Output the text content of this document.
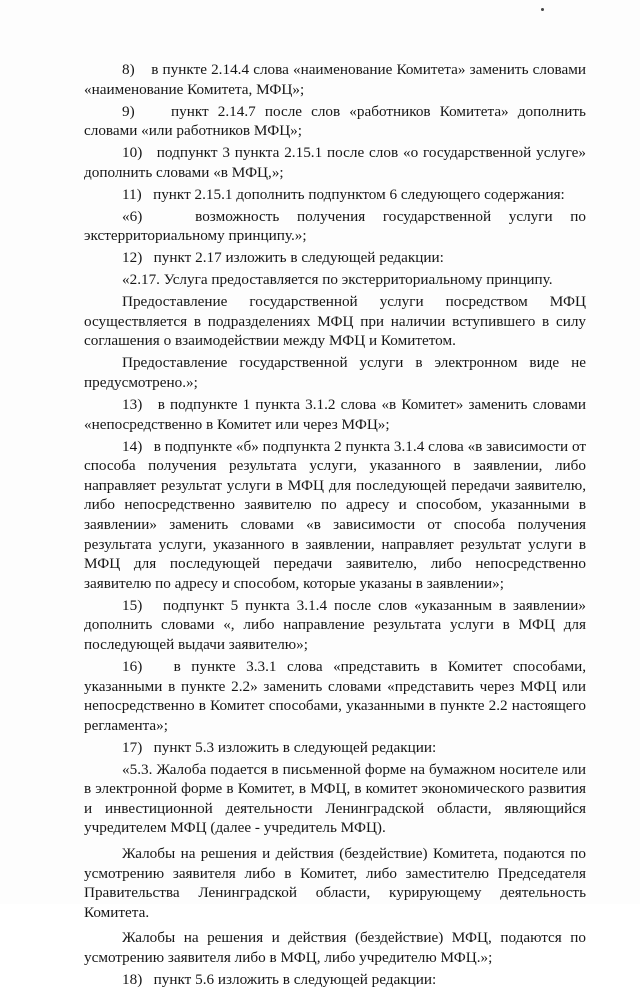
8)    в пункте 2.14.4 слова «наименование Комитета» заменить словами «наименование Комитета, МФЦ»;

9)    пункт 2.14.7 после слов «работников Комитета» дополнить словами «или работников МФЦ»;

10)   подпункт 3 пункта 2.15.1 после слов «о государственной услуге» дополнить словами «в МФЦ,»;

11)   пункт 2.15.1 дополнить подпунктом 6 следующего содержания:

«6)   возможность получения государственной услуги по экстерриториальному принципу.»;

12)   пункт 2.17 изложить в следующей редакции:

«2.17. Услуга предоставляется по экстерриториальному принципу.

Предоставление государственной услуги посредством МФЦ осуществляется в подразделениях МФЦ при наличии вступившего в силу соглашения о взаимодействии между МФЦ и Комитетом.

Предоставление государственной услуги в электронном виде не предусмотрено.»;

13)   в подпункте 1 пункта 3.1.2 слова «в Комитет» заменить словами «непосредственно в Комитет или через МФЦ»;

14)   в подпункте «б» подпункта 2 пункта 3.1.4 слова «в зависимости от способа получения результата услуги, указанного в заявлении, либо направляет результат услуги в МФЦ для последующей передачи заявителю, либо непосредственно заявителю по адресу и способом, указанными в заявлении» заменить словами «в зависимости от способа получения результата услуги, указанного в заявлении, направляет результат услуги в МФЦ для последующей передачи заявителю, либо непосредственно заявителю по адресу и способом, которые указаны в заявлении»;

15)   подпункт 5 пункта 3.1.4 после слов «указанным в заявлении» дополнить словами «, либо направление результата услуги в МФЦ для последующей выдачи заявителю»;

16)   в пункте 3.3.1 слова «представить в Комитет способами, указанными в пункте 2.2» заменить словами «представить через МФЦ или непосредственно в Комитет способами, указанными в пункте 2.2 настоящего регламента»;

17)   пункт 5.3 изложить в следующей редакции:

«5.3. Жалоба подается в письменной форме на бумажном носителе или в электронной форме в Комитет, в МФЦ, в комитет экономического развития и инвестиционной деятельности Ленинградской области, являющийся учредителем МФЦ (далее - учредитель МФЦ).

Жалобы на решения и действия (бездействие) Комитета, подаются по усмотрению заявителя либо в Комитет, либо заместителю Председателя Правительства Ленинградской области, курирующему деятельность Комитета.

Жалобы на решения и действия (бездействие) МФЦ, подаются по усмотрению заявителя либо в МФЦ, либо учредителю МФЦ.»;

18)   пункт 5.6 изложить в следующей редакции:
